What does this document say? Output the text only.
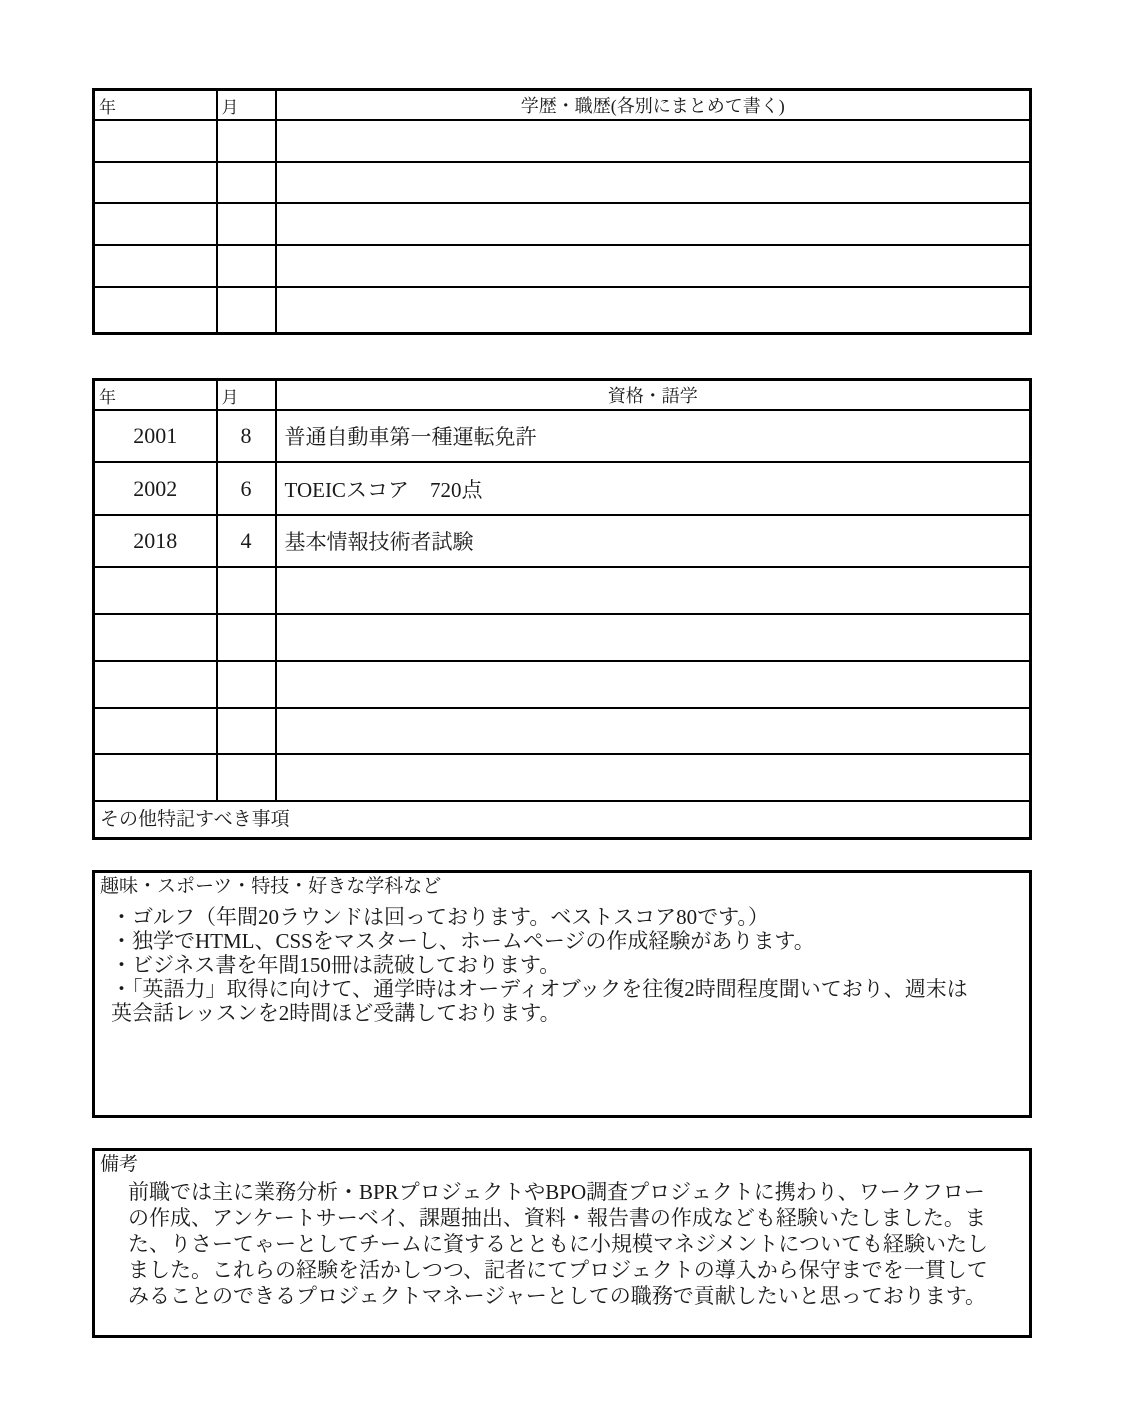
年	月	学歴・職歴(各別にまとめて書く)

年	月	資格・語学
2001	8	普通自動車第一種運転免許
2002	6	TOEICスコア　720点
2018	4	基本情報技術者試験

その他特記すべき事項		
趣味・スポーツ・特技・好きな学科など
・ゴルフ（年間20ラウンドは回っております。ベストスコア80です。）
・独学でHTML、CSSをマスターし、ホームページの作成経験があります。
・ビジネス書を年間150冊は読破しております。
・「英語力」取得に向けて、通学時はオーディオブックを往復2時間程度聞いており、週末は英会話レッスンを2時間ほど受講しております。
備考
前職では主に業務分析・BPRプロジェクトやBPO調査プロジェクトに携わり、ワークフローの作成、アンケートサーベイ、課題抽出、資料・報告書の作成なども経験いたしました。また、りさーてゃーとしてチームに資するとともに小規模マネジメントについても経験いたしました。これらの経験を活かしつつ、記者にてプロジェクトの導入から保守までを一貫してみることのできるプロジェクトマネージャーとしての職務で貢献したいと思っております。
